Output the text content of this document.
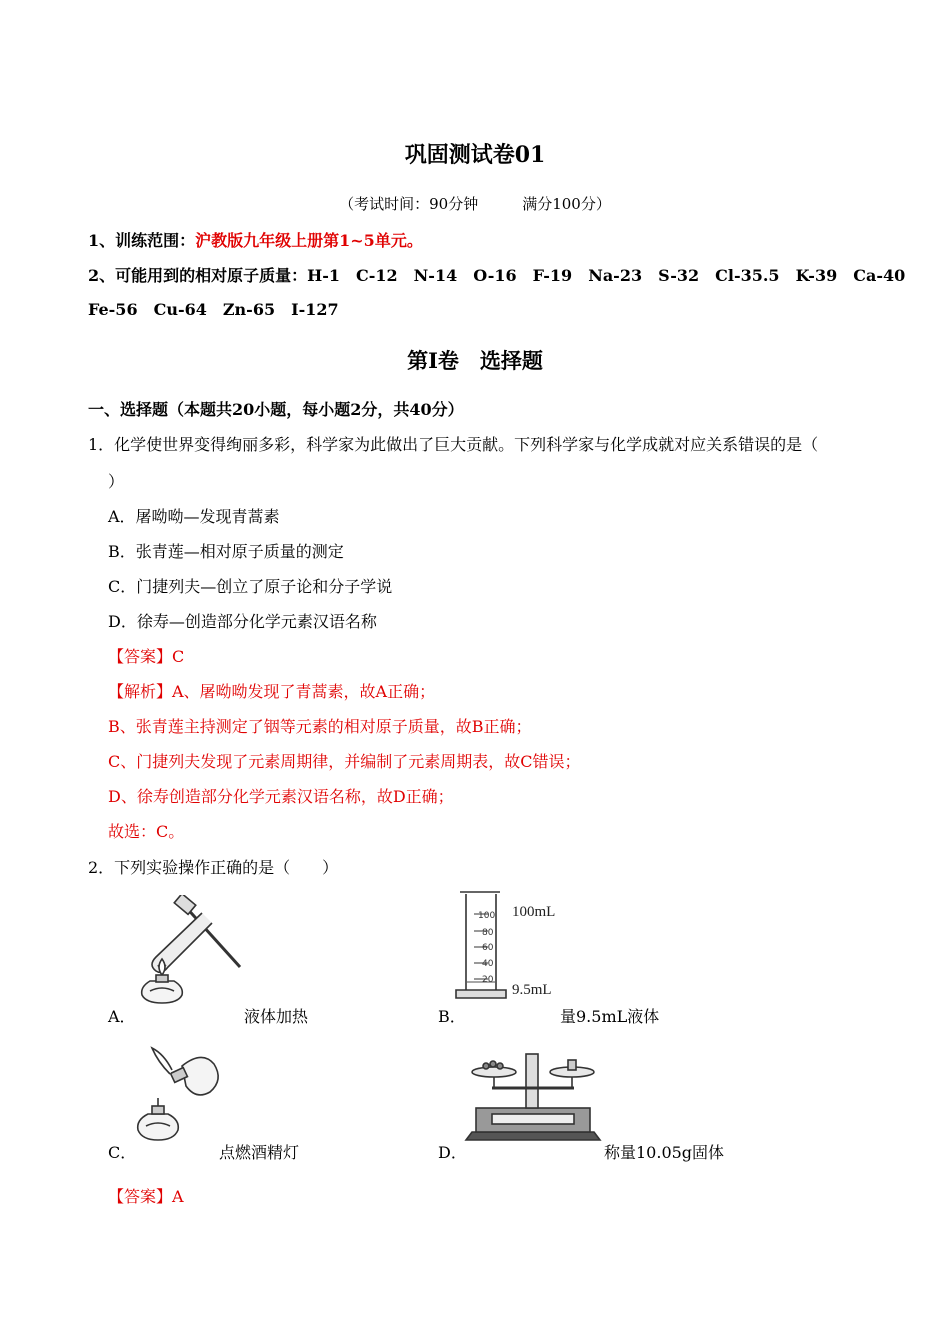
巩固测试卷01
（考试时间：90分钟	满分100分）
1、训练范围：沪教版九年级上册第1~5单元。
2、可能用到的相对原子质量：H-1 C-12 N-14 O-16 F-19 Na-23 S-32 Cl-35.5 K-39 Ca-40
Fe-56 Cu-64 Zn-65 I-127
第Ⅰ卷　选择题
一、选择题（本题共20小题，每小题2分，共40分）
1．化学使世界变得绚丽多彩，科学家为此做出了巨大贡献。下列科学家与化学成就对应关系错误的是（
）
A．屠呦呦—发现青蒿素
B．张青莲—相对原子质量的测定
C．门捷列夫—创立了原子论和分子学说
D．徐寿—创造部分化学元素汉语名称
【答案】C
【解析】A、屠呦呦发现了青蒿素，故A正确；
B、张青莲主持测定了铟等元素的相对原子质量，故B正确；
C、门捷列夫发现了元素周期律，并编制了元素周期表，故C错误；
D、徐寿创造部分化学元素汉语名称，故D正确；
故选：C。
2．下列实验操作正确的是（　　）
A．	液体加热
100
80
60
40
20
100mL
9.5mL
B．	量9.5mL液体
C．	点燃酒精灯	D．	称量10.05g固体
【答案】A
